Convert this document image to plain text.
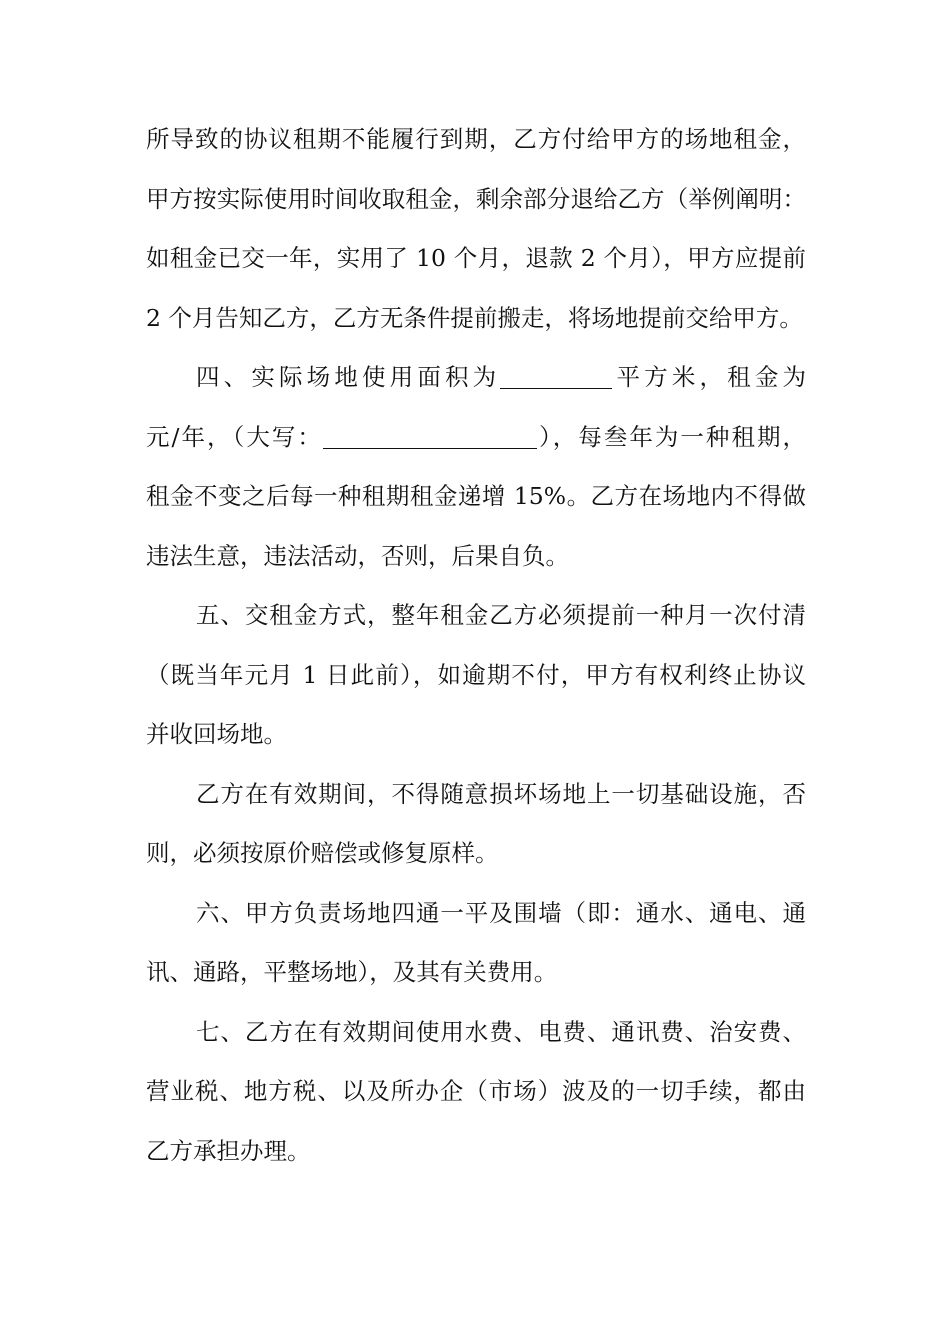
所导致的协议租期不能履行到期，乙方付给甲方的场地租金，
甲方按实际使用时间收取租金，剩余部分退给乙方（举例阐明：
如租金已交一年，实用了 10 个月，退款 2 个月），甲方应提前
2 个月告知乙方，乙方无条件提前搬走，将场地提前交给甲方。
四、实际场地使用面积为	平方米，租金为
元/年，（大写：	），每叁年为一种租期，
租金不变之后每一种租期租金递增 15%。乙方在场地内不得做
违法生意，违法活动，否则，后果自负。
五、交租金方式，整年租金乙方必须提前一种月一次付清
（既当年元月 1 日此前），如逾期不付，甲方有权利终止协议
并收回场地。
乙方在有效期间，不得随意损坏场地上一切基础设施，否
则，必须按原价赔偿或修复原样。
六、甲方负责场地四通一平及围墙（即：通水、通电、通
讯、通路，平整场地），及其有关费用。
七、乙方在有效期间使用水费、电费、通讯费、治安费、
营业税、地方税、以及所办企（市场）波及的一切手续，都由
乙方承担办理。
